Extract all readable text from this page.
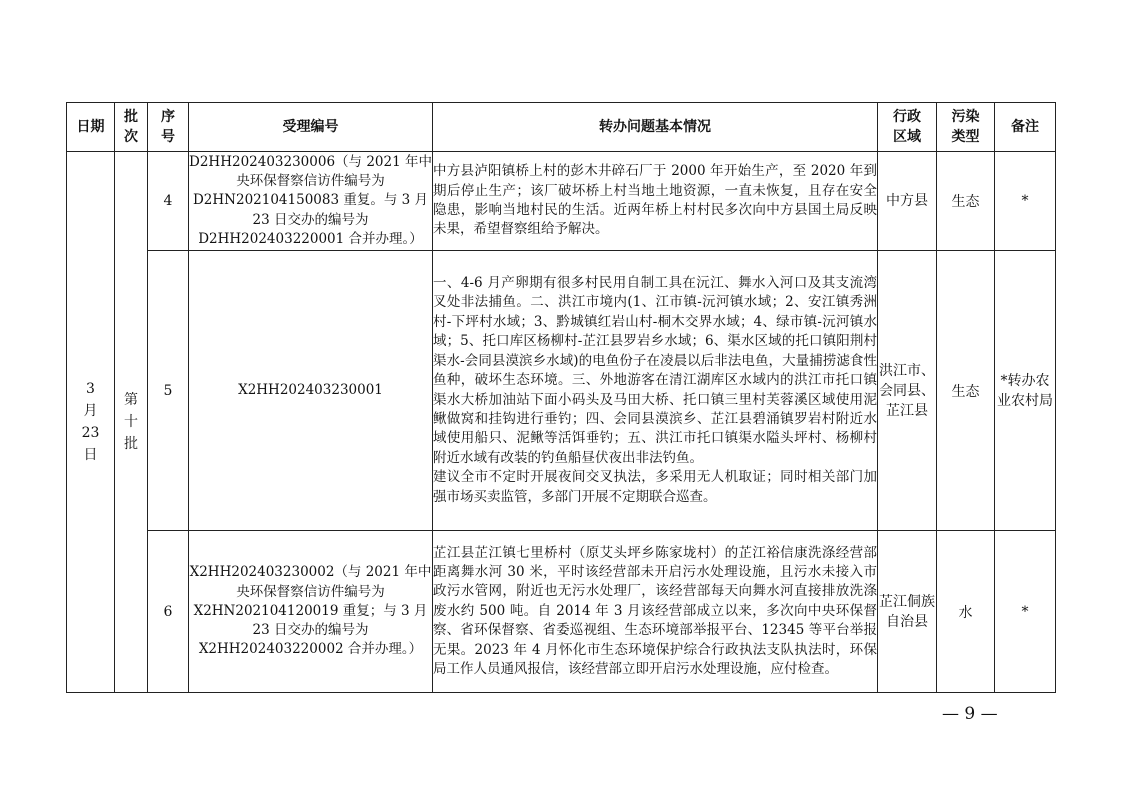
日期	批次	序号	受理编号	转办问题基本情况	行政区域	污染类型	备注

3
月
23
日	第
十
批	4	D2HH202403230006（与 2021 年中央环保督察信访件编号为 D2HN202104150083 重复。与 3 月 23 日交办的编号为 D2HH202403220001 合并办理。）	中方县泸阳镇桥上村的彭木井碎石厂于 2000 年开始生产，至 2020 年到期后停止生产；该厂破坏桥上村当地土地资源，一直未恢复，且存在安全隐患，影响当地村民的生活。近两年桥上村村民多次向中方县国土局反映未果，希望督察组给予解决。	中方县	生态	*
		5	X2HH202403230001	一、4-6 月产卵期有很多村民用自制工具在沅江、舞水入河口及其支流湾叉处非法捕鱼。二、洪江市境内(1、江市镇-沅河镇水域；2、安江镇秀洲村-下坪村水域；3、黔城镇红岩山村-桐木交界水域；4、绿市镇-沅河镇水域；5、托口库区杨柳村-芷江县罗岩乡水域；6、渠水区域的托口镇阳荆村渠水-会同县漠滨乡水域)的电鱼份子在凌晨以后非法电鱼，大量捕捞滤食性鱼种，破坏生态环境。三、外地游客在清江湖库区水域内的洪江市托口镇渠水大桥加油站下面小码头及马田大桥、托口镇三里村芙蓉溪区域使用泥鳅做窝和挂钩进行垂钓；四、会同县漠滨乡、芷江县碧涌镇罗岩村附近水域使用船只、泥鳅等活饵垂钓；五、洪江市托口镇渠水隘头坪村、杨柳村附近水域有改装的钓鱼船昼伏夜出非法钓鱼。

建议全市不定时开展夜间交叉执法，多采用无人机取证；同时相关部门加强市场买卖监管，多部门开展不定期联合巡查。	洪江市、会同县、芷江县	生态	*转办农业农村局
		6	X2HH202403230002（与 2021 年中央环保督察信访件编号为 X2HN202104120019 重复；与 3 月 23 日交办的编号为 X2HH202403220002 合并办理。）	芷江县芷江镇七里桥村（原艾头坪乡陈家垅村）的芷江裕信康洗涤经营部距离舞水河 30 米，平时该经营部未开启污水处理设施，且污水未接入市政污水管网，附近也无污水处理厂，该经营部每天向舞水河直接排放洗涤废水约 500 吨。自 2014 年 3 月该经营部成立以来，多次向中央环保督察、省环保督察、省委巡视组、生态环境部举报平台、12345 等平台举报无果。2023 年 4 月怀化市生态环境保护综合行政执法支队执法时，环保局工作人员通风报信，该经营部立即开启污水处理设施，应付检查。	芷江侗族自治县	水	*
— 9 —
